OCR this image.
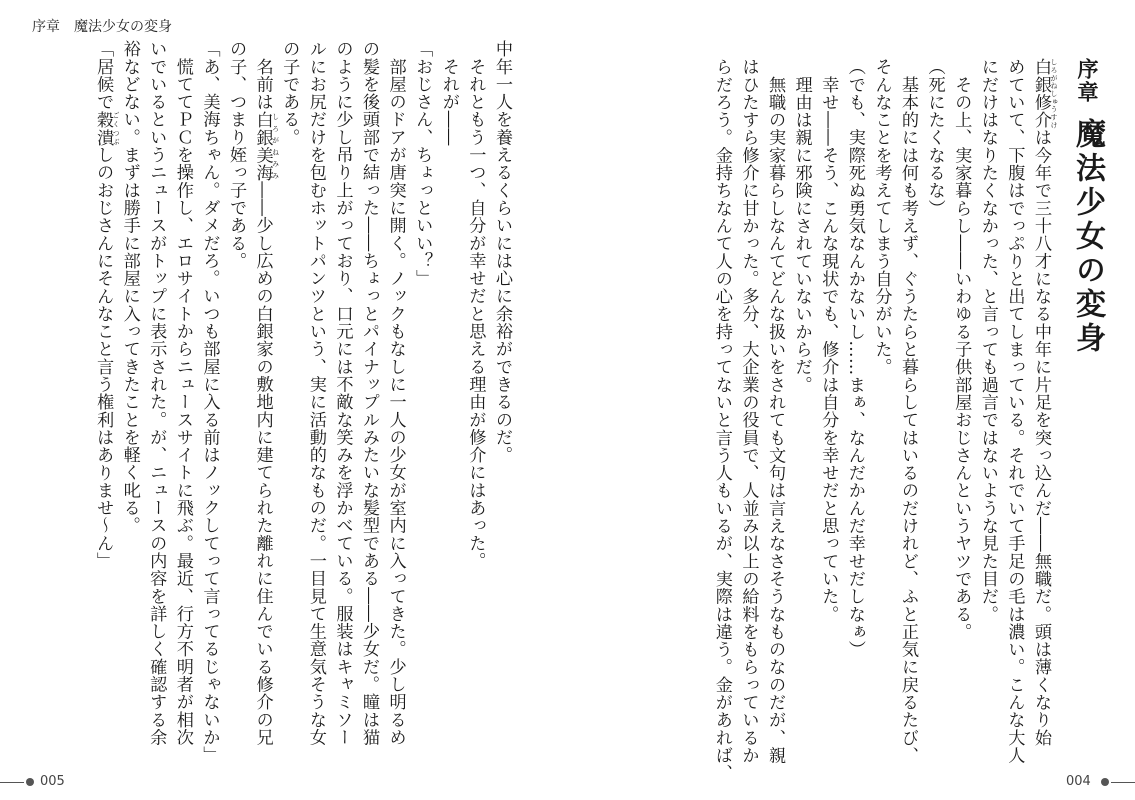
序章 魔法少女の変身
中年一人を養えるくらいには心に余裕ができるのだ。
　それともう一つ、自分が幸せだと思える理由が修介にはあった。
　それが――
「おじさん、ちょっといい？」
　部屋のドアが唐突に開く。ノックもなしに一人の少女が室内に入ってきた。少し明るめ
の髪を後頭部で結った――ちょっとパイナップルみたいな髪型である――少女だ。瞳は猫
のように少し吊り上がっており、口元には不敵な笑みを浮かべている。服装はキャミソー
ルにお尻だけを包むホットパンツという、実に活動的なものだ。一目見て生意気そうな女
の子である。
　名前は白銀美海 しろがねみみ――少し広めの白銀家の敷地内に建てられた離れに住んでいる修介の兄
の子、つまり姪っ子である。
「あ、美海ちゃん。ダメだろ。いつも部屋に入る前はノックしてって言ってるじゃないか」
　慌ててＰＣを操作し、エロサイトからニュースサイトに飛ぶ。最近、行方不明者が相次
いでいるというニュースがトップに表示された。が、ニュースの内容を詳しく確認する余
裕などない。まずは勝手に部屋に入ってきたことを軽く叱る。
「居候で穀潰 ごくつぶしのおじさんにそんなこと言う権利はありませ～ん」
序章魔法少女の変身
白銀修介 しろがねしゅうすけは今年で三十八才になる中年に片足を突っ込んだ――無職だ。頭は薄くなり始
めていて、下腹はでっぷりと出てしまっている。それでいて手足の毛は濃い。こんな大人
にだけはなりたくなかった、と言っても過言ではないような見た目だ。
　その上、実家暮らし――いわゆる子供部屋おじさんというヤツである。
（死にたくなるな）
　基本的には何も考えず、ぐうたらと暮らしてはいるのだけれど、ふと正気に戻るたび、
そんなことを考えてしまう自分がいた。
（でも、実際死ぬ勇気なんかないし……まぁ、なんだかんだ幸せだしなぁ）
　幸せ――そう、こんな現状でも、修介は自分を幸せだと思っていた。
　理由は親に邪険にされていないからだ。
　無職の実家暮らしなんてどんな扱いをされても文句は言えなさそうなものなのだが、親
はひたすら修介に甘かった。多分、大企業の役員で、人並み以上の給料をもらっているか
らだろう。金持ちなんて人の心を持ってないと言う人もいるが、実際は違う。金があれば、
005	004
